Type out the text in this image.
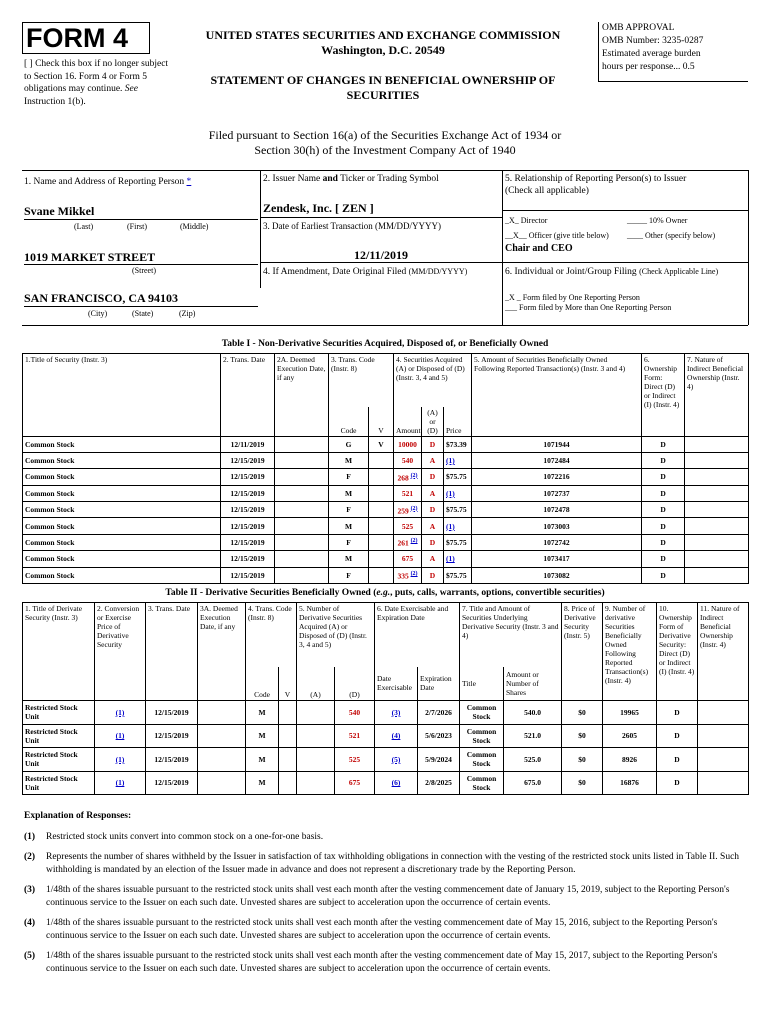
FORM 4
[ ] Check this box if no longer subject to Section 16. Form 4 or Form 5 obligations may continue. See Instruction 1(b).
UNITED STATES SECURITIES AND EXCHANGE COMMISSION
Washington, D.C. 20549
STATEMENT OF CHANGES IN BENEFICIAL OWNERSHIP OF
SECURITIES
OMB APPROVAL
OMB Number: 3235-0287
Estimated average burden
hours per response... 0.5
Filed pursuant to Section 16(a) of the Securities Exchange Act of 1934 or
Section 30(h) of the Investment Company Act of 1940
1. Name and Address of Reporting Person *
Svane Mikkel
(Last)	(First)	(Middle)
1019 MARKET STREET
(Street)
SAN FRANCISCO, CA 94103
(City)	(State)	(Zip)
2. Issuer Name and Ticker or Trading Symbol
Zendesk, Inc. [ ZEN ]
3. Date of Earliest Transaction (MM/DD/YYYY)
12/11/2019
4. If Amendment, Date Original Filed (MM/DD/YYYY)
5. Relationship of Reporting Person(s) to Issuer
(Check all applicable)
_X_ Director	_____ 10% Owner
__X__ Officer (give title below) ____ Other (specify below)
Chair and CEO
6. Individual or Joint/Group Filing (Check Applicable Line)
_X _ Form filed by One Reporting Person
___ Form filed by More than One Reporting Person
Table I - Non-Derivative Securities Acquired, Disposed of, or Beneficially Owned
1.Title of Security (Instr. 3)	2. Trans. Date	2A. Deemed Execution Date, if any	3. Trans. Code (Instr. 8)		4. Securities Acquired (A) or Disposed of (D) (Instr. 3, 4 and 5)			5. Amount of Securities Beneficially Owned Following Reported Transaction(s) (Instr. 3 and 4)	6. Ownership Form: Direct (D) or Indirect (I) (Instr. 4)	7. Nature of Indirect Beneficial Ownership (Instr. 4)
			Code	V	Amount	(A) or (D)	Price			
Common Stock	12/11/2019		G	V	10000	D	$73.39	1071944	D	
Common Stock	12/15/2019		M		540	A	(1)	1072484	D	
Common Stock	12/15/2019		F		268 $^{(2)}$	D	$75.75	1072216	D	
Common Stock	12/15/2019		M		521	A	(1)	1072737	D	
Common Stock	12/15/2019		F		259 $^{(2)}$	D	$75.75	1072478	D	
Common Stock	12/15/2019		M		525	A	(1)	1073003	D	
Common Stock	12/15/2019		F		261 $^{(2)}$	D	$75.75	1072742	D	
Common Stock	12/15/2019		M		675	A	(1)	1073417	D	
Common Stock	12/15/2019		F		335 $^{(2)}$	D	$75.75	1073082	D	
Table II - Derivative Securities Beneficially Owned (e.g., puts, calls, warrants, options, convertible securities)
1. Title of Derivate Security (Instr. 3)	2. Conversion or Exercise Price of Derivative Security	3. Trans. Date	3A. Deemed Execution Date, if any	4. Trans. Code (Instr. 8)		5. Number of Derivative Securities Acquired (A) or Disposed of (D) (Instr. 3, 4 and 5)		6. Date Exercisable and Expiration Date		7. Title and Amount of Securities Underlying Derivative Security (Instr. 3 and 4)		8. Price of Derivative Security (Instr. 5)	9. Number of derivative Securities Beneficially Owned Following Reported Transaction(s) (Instr. 4)	10. Ownership Form of Derivative Security: Direct (D) or Indirect (I) (Instr. 4)	11. Nature of Indirect Beneficial Ownership (Instr. 4)
				Code	V	(A)	(D)	Date Exercisable	Expiration Date	Title	Amount or Number of Shares				
Restricted Stock Unit	(1)	12/15/2019		M			540	(3)	2/7/2026	Common Stock	540.0	$0	19965	D	
Restricted Stock Unit	(1)	12/15/2019		M			521	(4)	5/6/2023	Common Stock	521.0	$0	2605	D	
Restricted Stock Unit	(1)	12/15/2019		M			525	(5)	5/9/2024	Common Stock	525.0	$0	8926	D	
Restricted Stock Unit	(1)	12/15/2019		M			675	(6)	2/8/2025	Common Stock	675.0	$0	16876	D	
Explanation of Responses:
(1)	Restricted stock units convert into common stock on a one-for-one basis.
(2)	Represents the number of shares withheld by the Issuer in satisfaction of tax withholding obligations in connection with the vesting of the restricted stock units listed in Table II. Such withholding is mandated by an election of the Issuer made in advance and does not represent a discretionary trade by the Reporting Person.
(3)	1/48th of the shares issuable pursuant to the restricted stock units shall vest each month after the vesting commencement date of January 15, 2019, subject to the Reporting Person's continuous service to the Issuer on each such date. Unvested shares are subject to acceleration upon the occurrence of certain events.
(4)	1/48th of the shares issuable pursuant to the restricted stock units shall vest each month after the vesting commencement date of May 15, 2016, subject to the Reporting Person's continuous service to the Issuer on each such date. Unvested shares are subject to acceleration upon the occurrence of certain events.
(5)	1/48th of the shares issuable pursuant to the restricted stock units shall vest each month after the vesting commencement date of May 15, 2017, subject to the Reporting Person's continuous service to the Issuer on each such date. Unvested shares are subject to acceleration upon the occurrence of certain events.
